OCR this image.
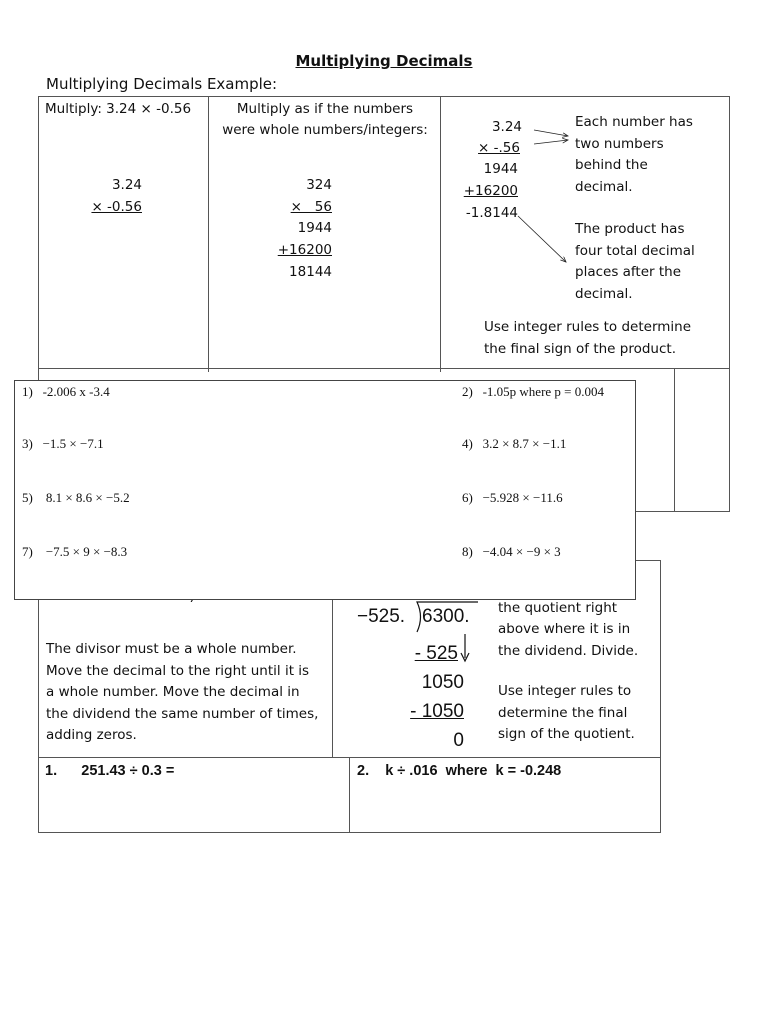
Multiplying Decimals
Multiplying Decimals Example:
Multiply: 3.24 × -0.56
3.24
× -0.56
Multiply as if the numbers
were whole numbers/integers:
324
×   56
1944
+16200
18144
3.24
× -.56
1944
+16200
-1.8144
Each number has
two numbers
behind the
decimal.
The product has
four total decimal
places after the
decimal.
Use integer rules to determine
the final sign of the product.
The divisor must be a whole number.
Move the decimal to the right until it is
a whole number. Move the decimal in
the dividend the same number of times,
adding zeros.
−525. 6300.
- 525
1050
- 1050
0
the quotient right
above where it is in
the dividend. Divide.
Use integer rules to
determine the final
sign of the quotient.
1.      251.43 ÷ 0.3 =	2.    k ÷ .016  where  k = -0.248
1) -2.006 x -3.4	2) -1.05p where p = 0.004
3) −1.5 × −7.1	4) 3.2 × 8.7 × −1.1
5) 8.1 × 8.6 × −5.2	6) −5.928 × −11.6
7) −7.5 × 9 × −8.3	8) −4.04 × −9 × 3
